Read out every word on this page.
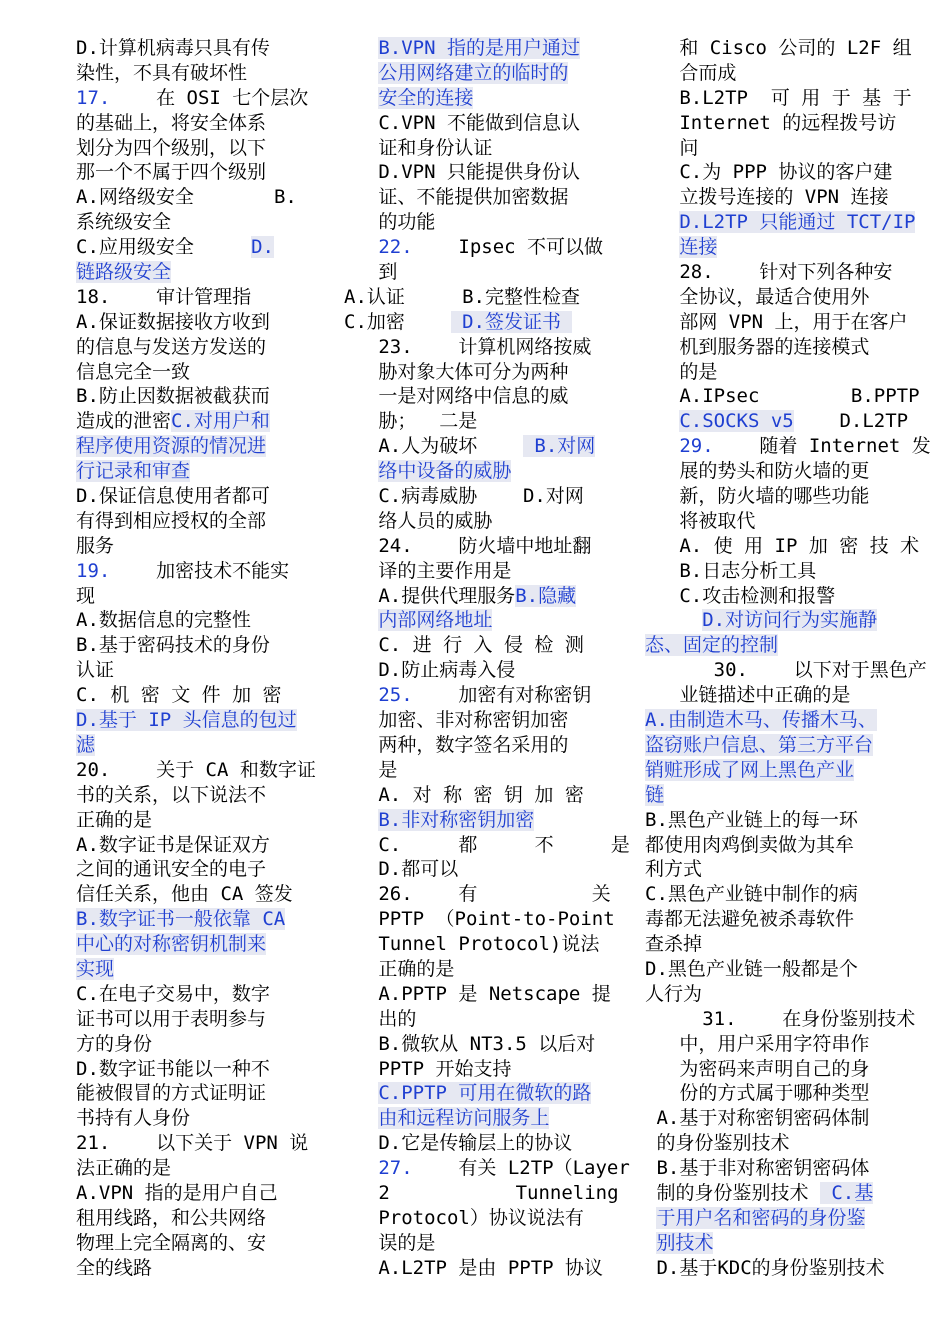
D.计算机病毒只具有传
染性，不具有破坏性
17.    在 OSI 七个层次
的基础上，将安全体系
划分为四个级别，以下
那一个不属于四个级别
A.网络级安全       B.
系统级安全
C.应用级安全     D.
链路级安全
18.    审计管理指
A.保证数据接收方收到
的信息与发送方发送的
信息完全一致
B.防止因数据被截获而
造成的泄密C.对用户和
程序使用资源的情况进
行记录和审查
D.保证信息使用者都可
有得到相应授权的全部
服务
19.    加密技术不能实
现
A.数据信息的完整性
B.基于密码技术的身份
认证
C. 机 密 文 件 加 密
D.基于 IP 头信息的包过
滤
20.    关于 CA 和数字证
书的关系，以下说法不
正确的是
A.数字证书是保证双方
之间的通讯安全的电子
信任关系，他由 CA 签发
B.数字证书一般依靠 CA
中心的对称密钥机制来
实现
C.在电子交易中，数字
证书可以用于表明参与
方的身份
D.数字证书能以一种不
能被假冒的方式证明证
书持有人身份
21.    以下关于 VPN 说
法正确的是
A.VPN 指的是用户自己
租用线路，和公共网络
物理上完全隔离的、安
全的线路
B.VPN 指的是用户通过
公用网络建立的临时的
安全的连接
C.VPN 不能做到信息认
证和身份认证
D.VPN 只能提供身份认
证、不能提供加密数据
的功能
22.    Ipsec 不可以做
到
A.认证     B.完整性检查
C.加密     D.签发证书
23.    计算机网络按威
胁对象大体可分为两种
一是对网络中信息的威
胁；  二是
A.人为破坏     B.对网
络中设备的威胁
C.病毒威胁    D.对网
络人员的威胁
24.    防火墙中地址翻
译的主要作用是
A.提供代理服务B.隐藏
内部网络地址
C. 进 行 入 侵 检 测
D.防止病毒入侵
25.    加密有对称密钥
加密、非对称密钥加密
两种，数字签名采用的
是
A. 对 称 密 钥 加 密
B.非对称密钥加密
C.     都     不     是
D.都可以
26.    有          关
PPTP （Point-to-Point
Tunnel Protocol)说法
正确的是
A.PPTP 是 Netscape 提
出的
B.微软从 NT3.5 以后对
PPTP 开始支持
C.PPTP 可用在微软的路
由和远程访问服务上
D.它是传输层上的协议
27.    有关 L2TP（Layer
2           Tunneling
Protocol）协议说法有
误的是
A.L2TP 是由 PPTP 协议
和 Cisco 公司的 L2F 组
合而成
B.L2TP  可 用 于 基 于
Internet 的远程拨号访
问
C.为 PPP 协议的客户建
立拨号连接的 VPN 连接
D.L2TP 只能通过 TCT/IP
连接
28.    针对下列各种安
全协议，最适合使用外
部网 VPN 上，用于在客户
机到服务器的连接模式
的是
A.IPsec        B.PPTP
C.SOCKS v5    D.L2TP
29.    随着 Internet 发
展的势头和防火墙的更
新，防火墙的哪些功能
将被取代
A. 使 用 IP 加 密 技 术
B.日志分析工具
C.攻击检测和报警
D.对访问行为实施静
态、固定的控制
30.    以下对于黑色产
业链描述中正确的是
A.由制造木马、传播木马、
盗窃账户信息、第三方平台
销赃形成了网上黑色产业
链
B.黑色产业链上的每一环
都使用肉鸡倒卖做为其牟
利方式
C.黑色产业链中制作的病
毒都无法避免被杀毒软件
查杀掉
D.黑色产业链一般都是个
人行为
31.    在身份鉴别技术
中，用户采用字符串作
为密码来声明自己的身
份的方式属于哪种类型
A.基于对称密钥密码体制
的身份鉴别技术
B.基于非对称密钥密码体
制的身份鉴别技术  C.基
于用户名和密码的身份鉴
别技术
D.基于KDC的身份鉴别技术
